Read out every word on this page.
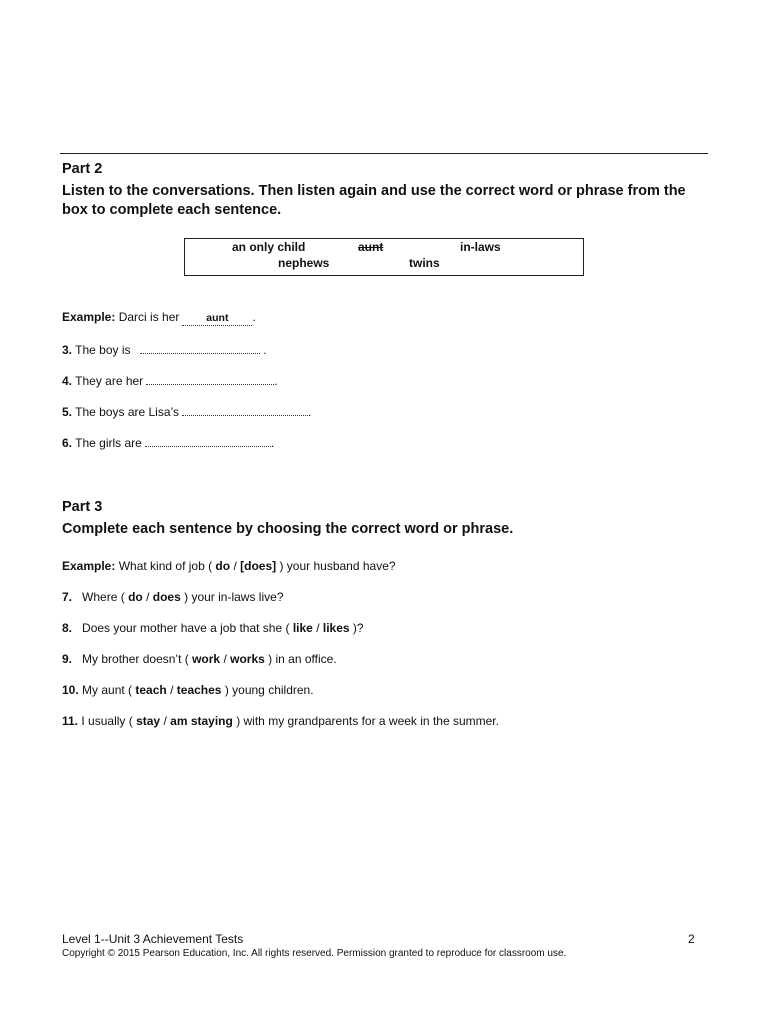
Part 2
Listen to the conversations. Then listen again and use the correct word or phrase from the box to complete each sentence.
an only child	aunt	in-laws
nephews	twins
Example: Darci is her	aunt .
3. The boy is	.
4. They are her	.
5. The boys are Lisa’s	.
6. The girls are	.
Part 3
Complete each sentence by choosing the correct word or phrase.
Example: What kind of job ( do / [does] ) your husband have?
7. Where ( do / does ) your in-laws live?
8. Does your mother have a job that she ( like / likes )?
9. My brother doesn’t ( work / works ) in an office.
10. My aunt ( teach / teaches ) young children.
11. I usually ( stay / am staying ) with my grandparents for a week in the summer.
Level 1--Unit 3 Achievement Tests	2
Copyright © 2015 Pearson Education, Inc. All rights reserved. Permission granted to reproduce for classroom use.
